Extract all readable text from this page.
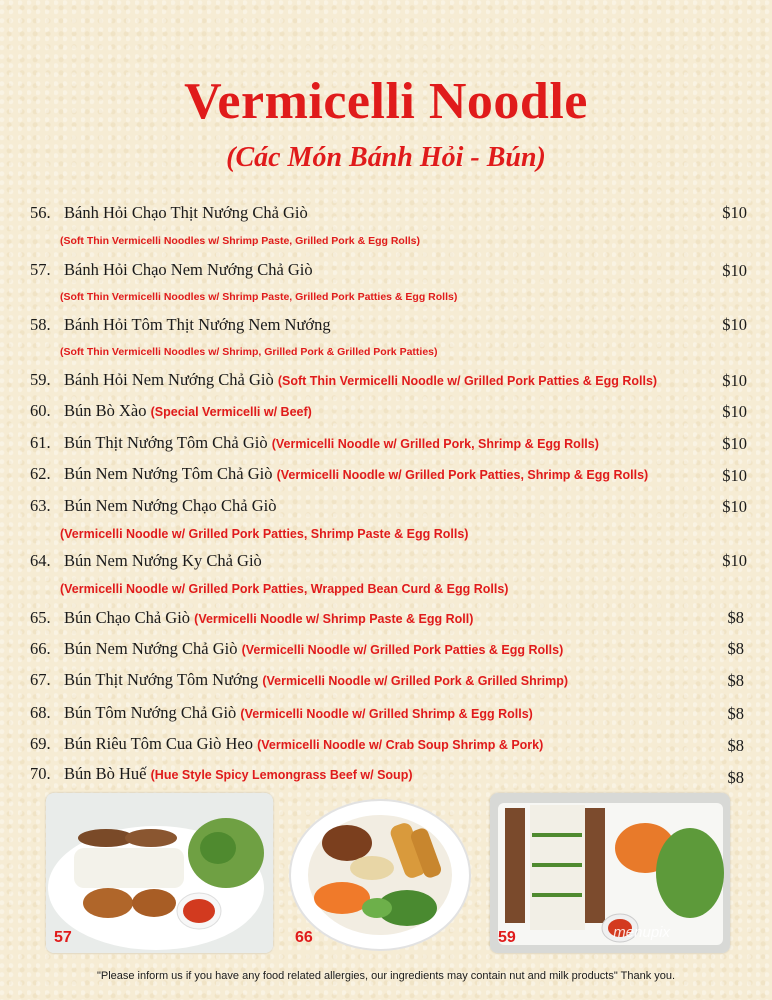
Vermicelli Noodle
(Các Món Bánh Hỏi - Bún)
56. Bánh Hỏi Chạo Thịt Nướng Chả Giò	$10
(Soft Thin Vermicelli Noodles w/ Shrimp Paste, Grilled Pork & Egg Rolls)
57. Bánh Hỏi Chạo Nem Nướng Chả Giò	$10
(Soft Thin Vermicelli Noodles w/ Shrimp Paste, Grilled Pork Patties & Egg Rolls)
58. Bánh Hỏi Tôm Thịt Nướng Nem Nướng	$10
(Soft Thin Vermicelli Noodles w/ Shrimp, Grilled Pork & Grilled Pork Patties)
59. Bánh Hỏi Nem Nướng Chả Giò (Soft Thin Vermicelli Noodle w/ Grilled Pork Patties & Egg Rolls)	$10
60. Bún Bò Xào (Special Vermicelli w/ Beef)	$10
61. Bún Thịt Nướng Tôm Chả Giò (Vermicelli Noodle w/ Grilled Pork, Shrimp & Egg Rolls)	$10
62. Bún Nem Nướng Tôm Chả Giò (Vermicelli Noodle w/ Grilled Pork Patties, Shrimp & Egg Rolls)	$10
63. Bún Nem Nướng Chạo Chả Giò	$10
(Vermicelli Noodle w/ Grilled Pork Patties, Shrimp Paste & Egg Rolls)
64. Bún Nem Nướng Ky Chả Giò	$10
(Vermicelli Noodle w/ Grilled Pork Patties, Wrapped Bean Curd & Egg Rolls)
65. Bún Chạo Chả Giò (Vermicelli Noodle w/ Shrimp Paste & Egg Roll)	$8
66. Bún Nem Nướng Chả Giò (Vermicelli Noodle w/ Grilled Pork Patties & Egg Rolls)	$8
67. Bún Thịt Nướng Tôm Nướng (Vermicelli Noodle w/ Grilled Pork & Grilled Shrimp)	$8
68. Bún Tôm Nướng Chả Giò (Vermicelli Noodle w/ Grilled Shrimp & Egg Rolls)	$8
69. Bún Riêu Tôm Cua Giò Heo (Vermicelli Noodle w/ Crab Soup Shrimp & Pork)	$8
70. Bún Bò Huế (Hue Style Spicy Lemongrass Beef w/ Soup)	$8
57	66	59	menupix
"Please inform us if you have any food related allergies, our ingredients may contain nut and milk products" Thank you.
